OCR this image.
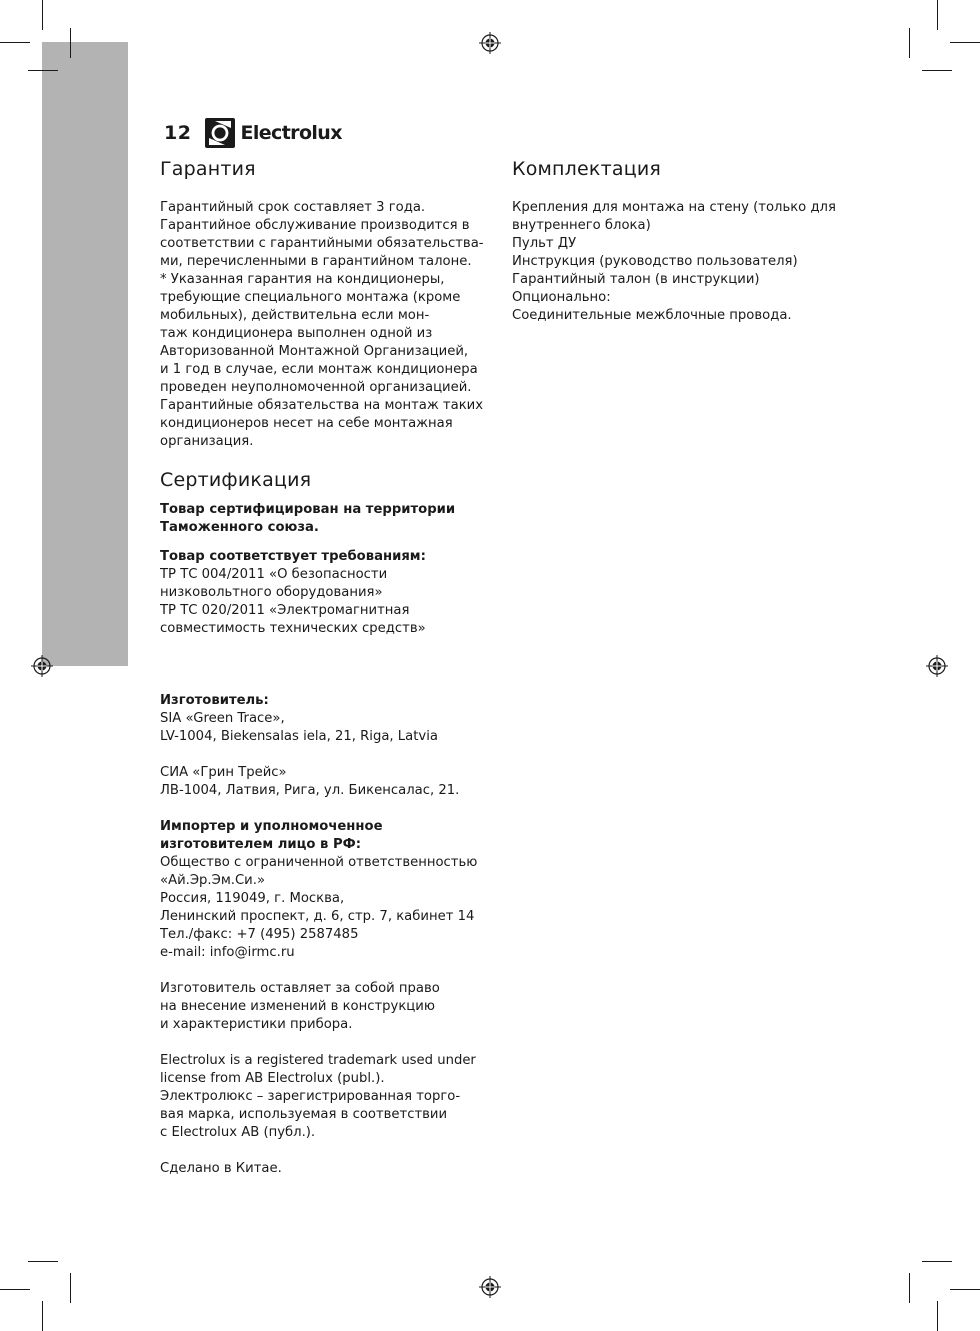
12	Electrolux
Гарантия
Гарантийный срок составляет 3 года.
Гарантийное обслуживание производится в
соответствии с гарантийными обязательства-
ми, перечисленными в гарантийном талоне.
* Указанная гарантия на кондиционеры,
требующие специального монтажа (кроме
мобильных), действительна если мон-
таж кондиционера выполнен одной из
Авторизованной Монтажной Организацией,
и 1 год в случае, если монтаж кондиционера
проведен неуполномоченной организацией.
Гарантийные обязательства на монтаж таких
кондиционеров несет на себе монтажная
организация.
Сертификация
Товар сертифицирован на территории
Таможенного союза.
Товар соответствует требованиям:
ТР ТС 004/2011 «О безопасности
низковольтного оборудования»
ТР ТС 020/2011 «Электромагнитная
совместимость технических средств»
Изготовитель:
SIA «Green Trace»,
LV-1004, Biekensalas iela, 21, Riga, Latvia
СИА «Грин Трейс»
ЛВ-1004, Латвия, Рига, ул. Бикенсалас, 21.
Импортер и уполномоченное
изготовителем лицо в РФ:
Общество с ограниченной ответственностью
«Ай.Эр.Эм.Си.»
Россия, 119049, г. Москва,
Ленинский проспект, д. 6, стр. 7, кабинет 14
Тел./факс: +7 (495) 2587485
e-mail: info@irmc.ru
Изготовитель оставляет за собой право
на внесение изменений в конструкцию
и характеристики прибора.
Electrolux is a registered trademark used under
license from AB Electrolux (publ.).
Электролюкс – зарегистрированная торго-
вая марка, используемая в соответствии
с Electrolux AB (публ.).
Сделано в Китае.
Комплектация
Крепления для монтажа на стену (только для
внутреннего блока)
Пульт ДУ
Инструкция (руководство пользователя)
Гарантийный талон (в инструкции)
Опционально:
Соединительные межблочные провода.
